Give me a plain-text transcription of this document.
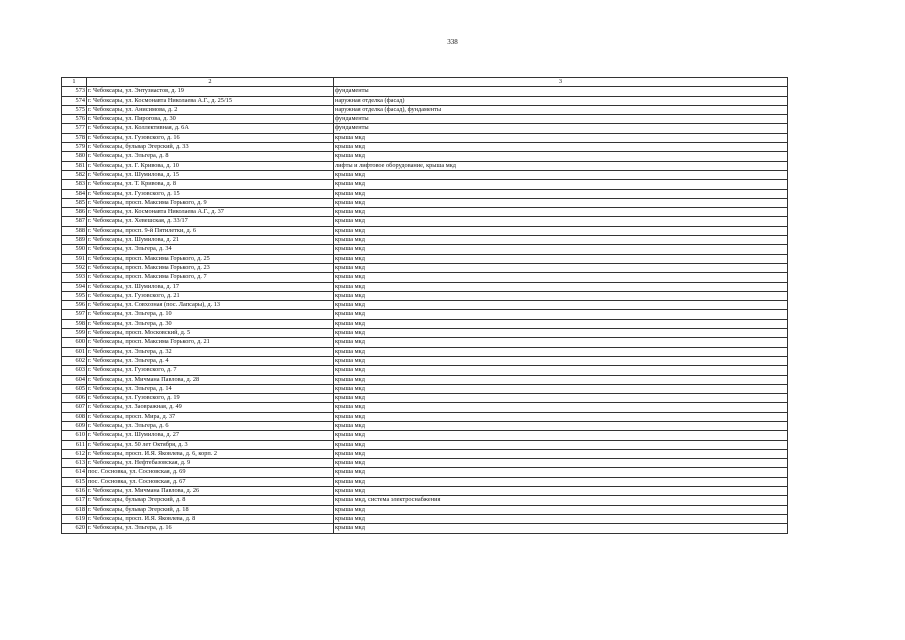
338
1	2	3
573	г. Чебоксары, ул. Энтузиастов, д. 19	фундаменты
574	г. Чебоксары, ул. Космонавта Николаева А.Г., д. 25/15	наружная отделка (фасад)
575	г. Чебоксары, ул. Анисимова, д. 2	наружная отделка (фасад), фундаменты
576	г. Чебоксары, ул. Пирогова, д. 30	фундаменты
577	г. Чебоксары, ул. Коллективная, д. 6А	фундаменты
578	г. Чебоксары, ул. Гузовского, д. 16	крыша мкд
579	г. Чебоксары, бульвар Эгерский, д. 33	крыша мкд
580	г. Чебоксары, ул. Эльгера, д. 8	крыша мкд
581	г. Чебоксары, ул. Г. Кривова, д. 10	лифты и лифтовое оборудование, крыша мкд
582	г. Чебоксары, ул. Шумилова, д. 15	крыша мкд
583	г. Чебоксары, ул. Т. Кривова, д. 8	крыша мкд
584	г. Чебоксары, ул. Гузовского, д. 15	крыша мкд
585	г. Чебоксары, просп. Максима Горького, д. 9	крыша мкд
586	г. Чебоксары, ул. Космонавта Николаева А.Г., д. 37	крыша мкд
587	г. Чебоксары, ул. Хевешская, д. 33/17	крыша мкд
588	г. Чебоксары, просп. 9-й Пятилетки, д. 6	крыша мкд
589	г. Чебоксары, ул. Шумилова, д. 21	крыша мкд
590	г. Чебоксары, ул. Эльгера, д. 34	крыша мкд
591	г. Чебоксары, просп. Максима Горького, д. 25	крыша мкд
592	г. Чебоксары, просп. Максима Горького, д. 23	крыша мкд
593	г. Чебоксары, просп. Максима Горького, д. 7	крыша мкд
594	г. Чебоксары, ул. Шумилова, д. 17	крыша мкд
595	г. Чебоксары, ул. Гузовского, д. 21	крыша мкд
596	г. Чебоксары, ул. Совхозная (пос. Лапсары), д. 13	крыша мкд
597	г. Чебоксары, ул. Эльгера, д. 10	крыша мкд
598	г. Чебоксары, ул. Эльгера, д. 30	крыша мкд
599	г. Чебоксары, просп. Московский, д. 5	крыша мкд
600	г. Чебоксары, просп. Максима Горького, д. 21	крыша мкд
601	г. Чебоксары, ул. Эльгера, д. 32	крыша мкд
602	г. Чебоксары, ул. Эльгера, д. 4	крыша мкд
603	г. Чебоксары, ул. Гузовского, д. 7	крыша мкд
604	г. Чебоксары, ул. Мичмана Павлова, д. 28	крыша мкд
605	г. Чебоксары, ул. Эльгера, д. 14	крыша мкд
606	г. Чебоксары, ул. Гузовского, д. 19	крыша мкд
607	г. Чебоксары, ул. Заовражная, д. 49	крыша мкд
608	г. Чебоксары, просп. Мира, д. 37	крыша мкд
609	г. Чебоксары, ул. Эльгера, д. 6	крыша мкд
610	г. Чебоксары, ул. Шумилова, д. 27	крыша мкд
611	г. Чебоксары, ул. 50 лет Октября, д. 3	крыша мкд
612	г. Чебоксары, просп. И.Я. Яковлева, д. 6, корп. 2	крыша мкд
613	г. Чебоксары, ул. Нефтебазовская, д. 9	крыша мкд
614	пос. Сосновка, ул. Сосновская, д. 69	крыша мкд
615	пос. Сосновка, ул. Сосновская, д. 67	крыша мкд
616	г. Чебоксары, ул. Мичмана Павлова, д. 26	крыша мкд
617	г. Чебоксары, бульвар Эгерский, д. 8	крыша мкд, система электроснабжения
618	г. Чебоксары, бульвар Эгерский, д. 18	крыша мкд
619	г. Чебоксары, просп. И.Я. Яковлева, д. 8	крыша мкд
620	г. Чебоксары, ул. Эльгера, д. 16	крыша мкд
